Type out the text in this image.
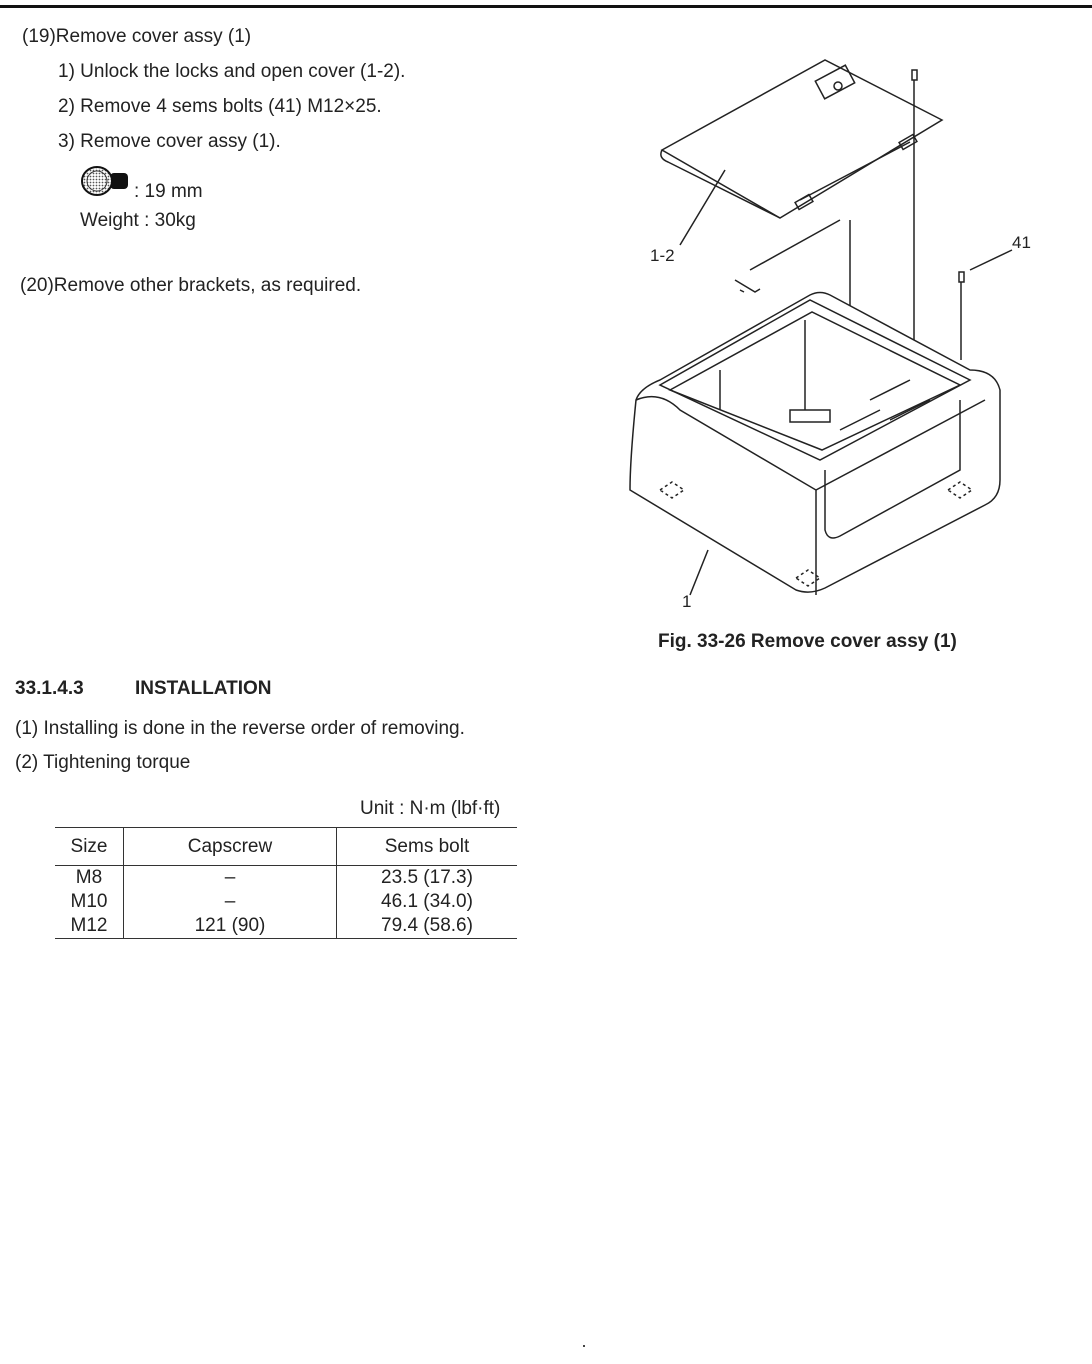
(19)Remove cover assy (1)
1) Unlock the locks and open cover (1-2).
2) Remove 4 sems bolts (41) M12×25.
3) Remove cover assy (1).
: 19 mm
Weight : 30kg
(20)Remove other brackets, as required.
1-2
41
1
Fig. 33-26 Remove cover assy (1)
33.1.4.3	INSTALLATION
(1) Installing is done in the reverse order of removing.
(2) Tightening torque
Unit : N·m (lbf·ft)
Size	Capscrew	Sems bolt
M8	–	23.5 (17.3)
M10	–	46.1 (34.0)
M12	121 (90)	79.4 (58.6)
